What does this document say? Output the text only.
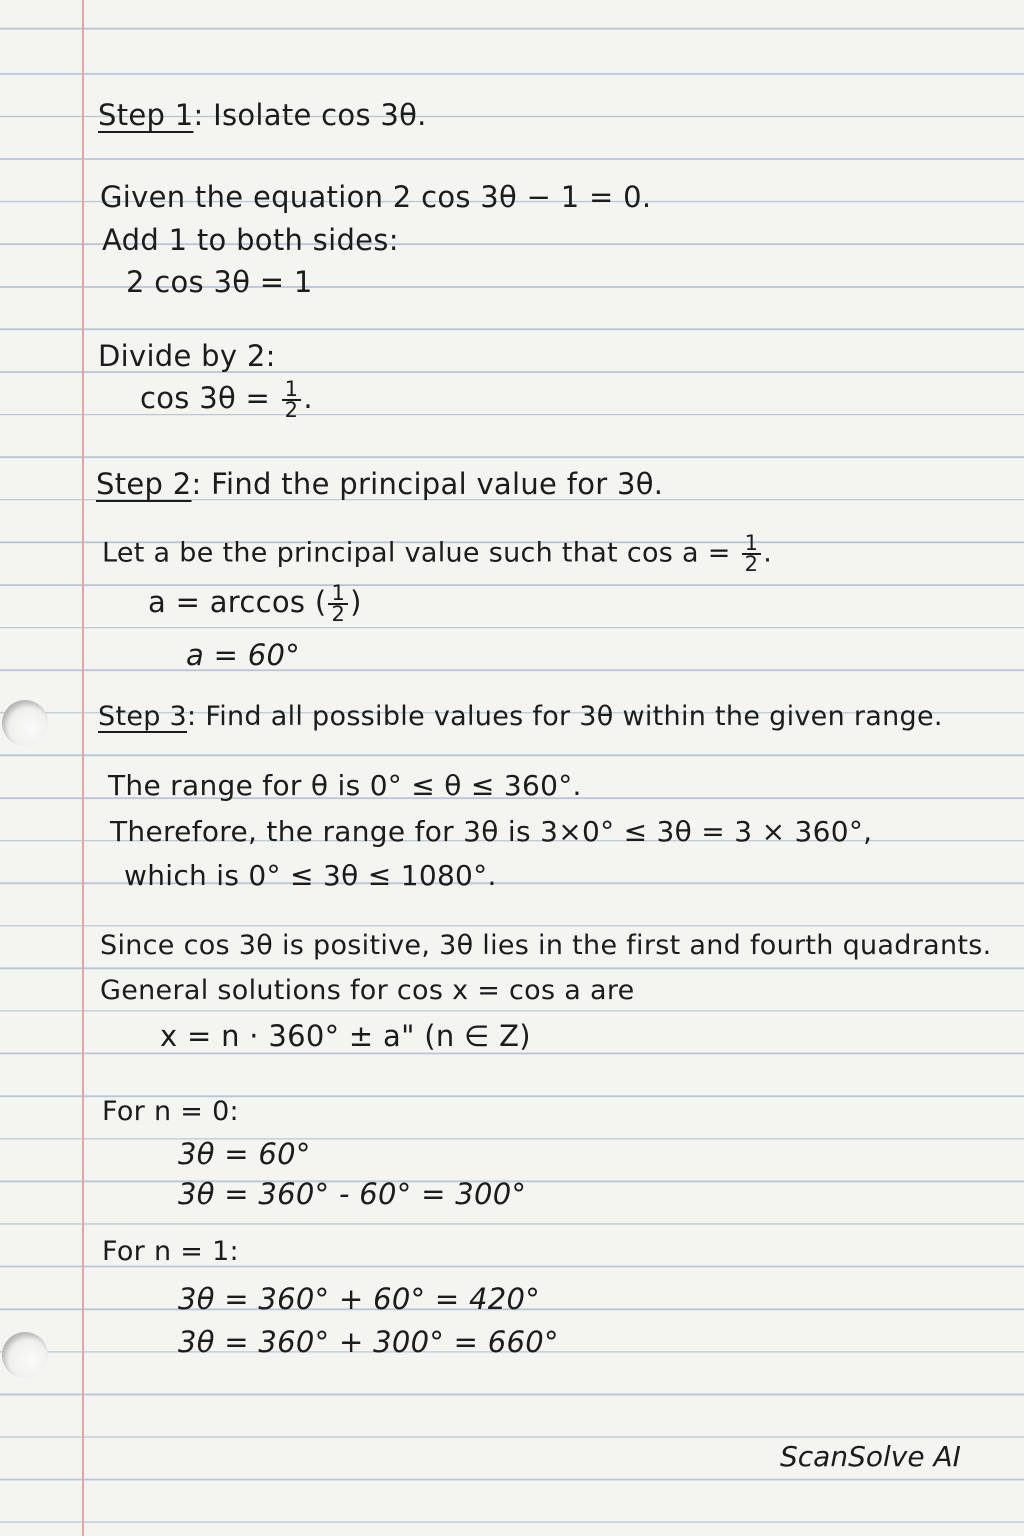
Step 1: Isolate cos 3θ.

Given the equation 2 cos 3θ − 1 = 0.

Add 1 to both sides:

2 cos 3θ = 1

Divide by 2:

$\cos 3\theta = \frac{1}{2}$ .

Step 2: Find the principal value for 3θ.

Let a be the principal value such that $\cos a = \frac{1}{2}$ .

a = arccos ( $\frac{1}{2}$ )

a = 60°

Step 3: Find all possible values for 3θ within the given range.

The range for θ is 0° ≤ θ ≤ 360°.

Therefore, the range for 3θ is 3×0° ≤ 3θ = 3 × 360°,

which is 0° ≤ 3θ ≤ 1080°.

Since cos 3θ is positive, 3θ lies in the first and fourth quadrants.

General solutions for cos x = cos a are

x = n · 360° ± a" (n ∈ Z)

For n = 0:

3θ = 60°

3θ = 360° - 60° = 300°

For n = 1:

3θ = 360° + 60° = 420°

3θ = 360° + 300° = 660°

ScanSolve AI
